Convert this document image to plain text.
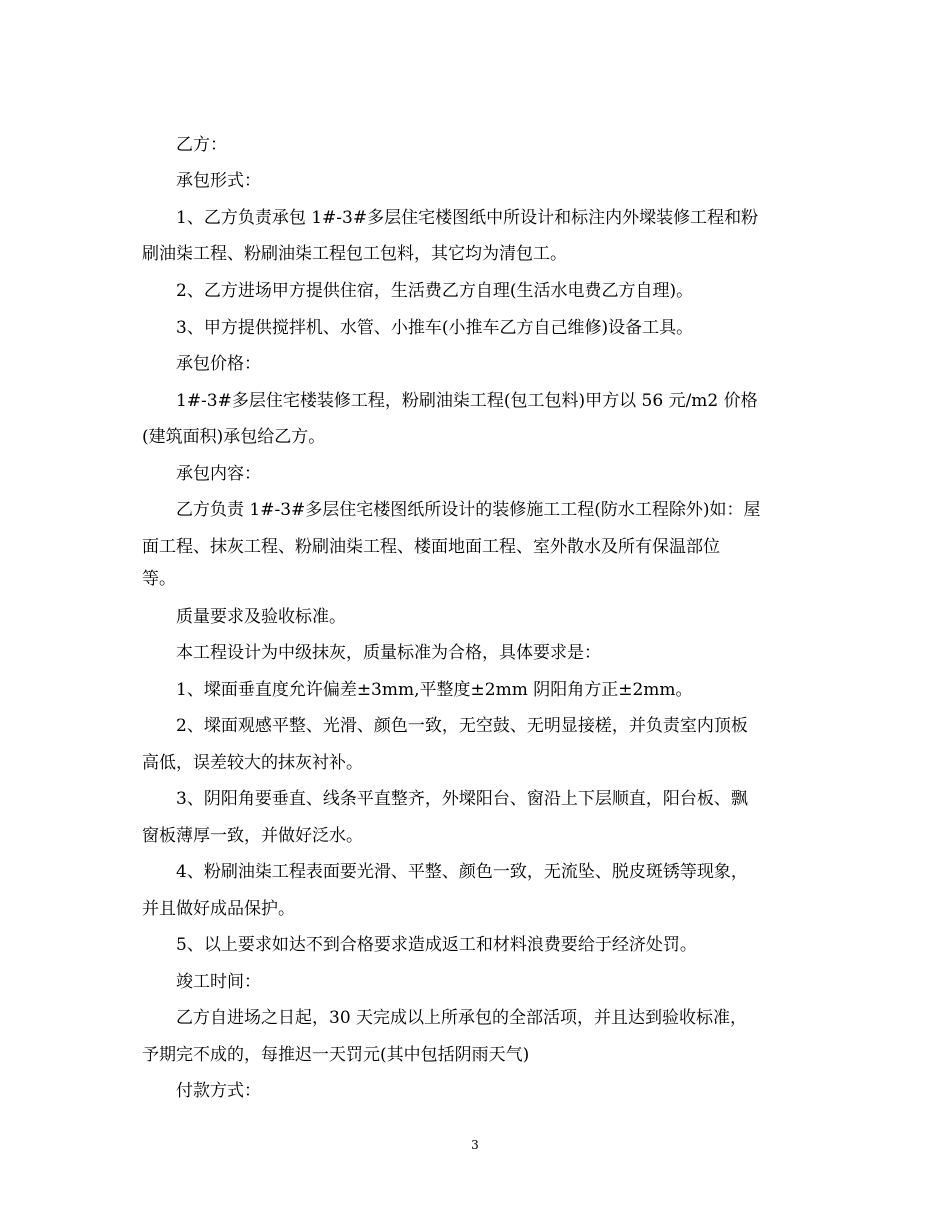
乙方：
承包形式：
1、乙方负责承包 1#-3#多层住宅楼图纸中所设计和标注内外墚装修工程和粉
刷油柒工程、粉刷油柒工程包工包料，其它均为清包工。
2、乙方进场甲方提供住宿，生活费乙方自理(生活水电费乙方自理)。
3、甲方提供搅拌机、水管、小推车(小推车乙方自己维修)设备工具。
承包价格：
1#-3#多层住宅楼装修工程，粉刷油柒工程(包工包料)甲方以 56 元/m2 价格
(建筑面积)承包给乙方。
承包内容：
乙方负责 1#-3#多层住宅楼图纸所设计的装修施工工程(防水工程除外)如：屋
面工程、抹灰工程、粉刷油柒工程、楼面地面工程、室外散水及所有保温部位
等。
质量要求及验收标准。
本工程设计为中级抹灰，质量标准为合格，具体要求是：
1、墚面垂直度允许偏差±3mm,平整度±2mm 阴阳角方正±2mm。
2、墚面观感平整、光滑、颜色一致，无空鼓、无明显接槎，并负责室内顶板
高低，误差较大的抹灰衬补。
3、阴阳角要垂直、线条平直整齐，外墚阳台、窗沿上下层顺直，阳台板、飘
窗板薄厚一致，并做好泛水。
4、粉刷油柒工程表面要光滑、平整、颜色一致，无流坠、脱皮斑锈等现象，
并且做好成品保护。
5、以上要求如达不到合格要求造成返工和材料浪费要给于经济处罚。
竣工时间：
乙方自进场之日起，30 天完成以上所承包的全部活项，并且达到验收标准，
予期完不成的，每推迟一天罚元(其中包括阴雨天气)
付款方式：
3
